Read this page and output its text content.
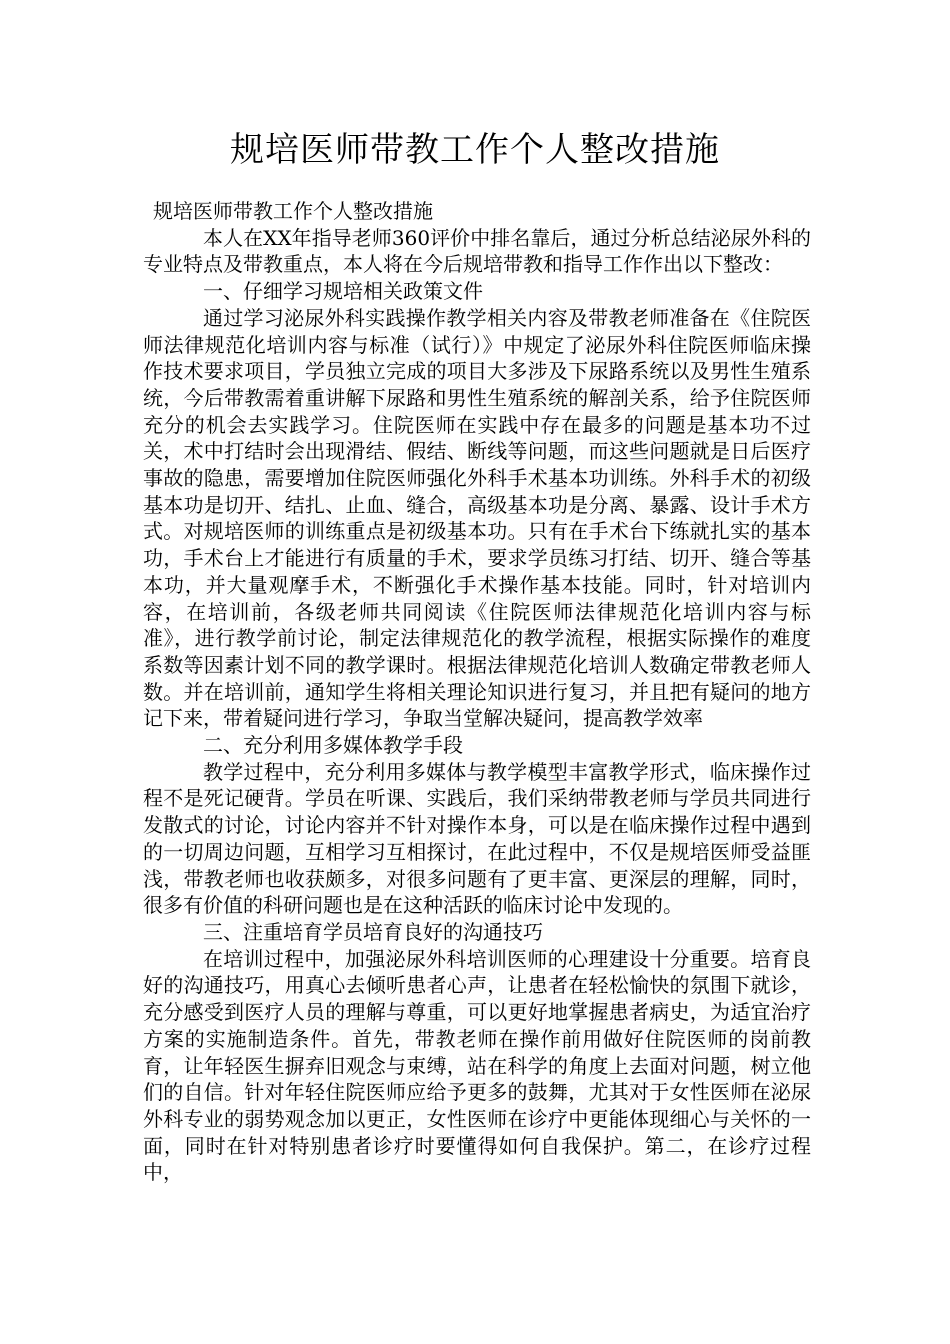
规培医师带教工作个人整改措施

规培医师带教工作个人整改措施

本人在XX年指导老师360评价中排名靠后，通过分析总结泌尿外科的专业特点及带教重点，本人将在今后规培带教和指导工作作出以下整改：

一、仔细学习规培相关政策文件

通过学习泌尿外科实践操作教学相关内容及带教老师准备在《住院医师法律规范化培训内容与标准（试行）》中规定了泌尿外科住院医师临床操作技术要求项目，学员独立完成的项目大多涉及下尿路系统以及男性生殖系统，今后带教需着重讲解下尿路和男性生殖系统的解剖关系，给予住院医师充分的机会去实践学习。住院医师在实践中存在最多的问题是基本功不过关，术中打结时会出现滑结、假结、断线等问题，而这些问题就是日后医疗事故的隐患，需要增加住院医师强化外科手术基本功训练。外科手术的初级基本功是切开、结扎、止血、缝合，高级基本功是分离、暴露、设计手术方式。对规培医师的训练重点是初级基本功。只有在手术台下练就扎实的基本功，手术台上才能进行有质量的手术，要求学员练习打结、切开、缝合等基本功，并大量观摩手术，不断强化手术操作基本技能。同时，针对培训内容，在培训前，各级老师共同阅读《住院医师法律规范化培训内容与标准》，进行教学前讨论，制定法律规范化的教学流程，根据实际操作的难度系数等因素计划不同的教学课时。根据法律规范化培训人数确定带教老师人数。并在培训前，通知学生将相关理论知识进行复习，并且把有疑问的地方记下来，带着疑问进行学习，争取当堂解决疑问，提高教学效率

二、充分利用多媒体教学手段

教学过程中，充分利用多媒体与教学模型丰富教学形式，临床操作过程不是死记硬背。学员在听课、实践后，我们采纳带教老师与学员共同进行发散式的讨论，讨论内容并不针对操作本身，可以是在临床操作过程中遇到的一切周边问题，互相学习互相探讨，在此过程中，不仅是规培医师受益匪浅，带教老师也收获颇多，对很多问题有了更丰富、更深层的理解，同时，很多有价值的科研问题也是在这种活跃的临床讨论中发现的。

三、注重培育学员培育良好的沟通技巧

在培训过程中，加强泌尿外科培训医师的心理建设十分重要。培育良好的沟通技巧，用真心去倾听患者心声，让患者在轻松愉快的氛围下就诊，充分感受到医疗人员的理解与尊重，可以更好地掌握患者病史，为适宜治疗方案的实施制造条件。首先，带教老师在操作前用做好住院医师的岗前教育，让年轻医生摒弃旧观念与束缚，站在科学的角度上去面对问题，树立他们的自信。针对年轻住院医师应给予更多的鼓舞，尤其对于女性医师在泌尿外科专业的弱势观念加以更正，女性医师在诊疗中更能体现细心与关怀的一面，同时在针对特别患者诊疗时要懂得如何自我保护。第二，在诊疗过程中，
